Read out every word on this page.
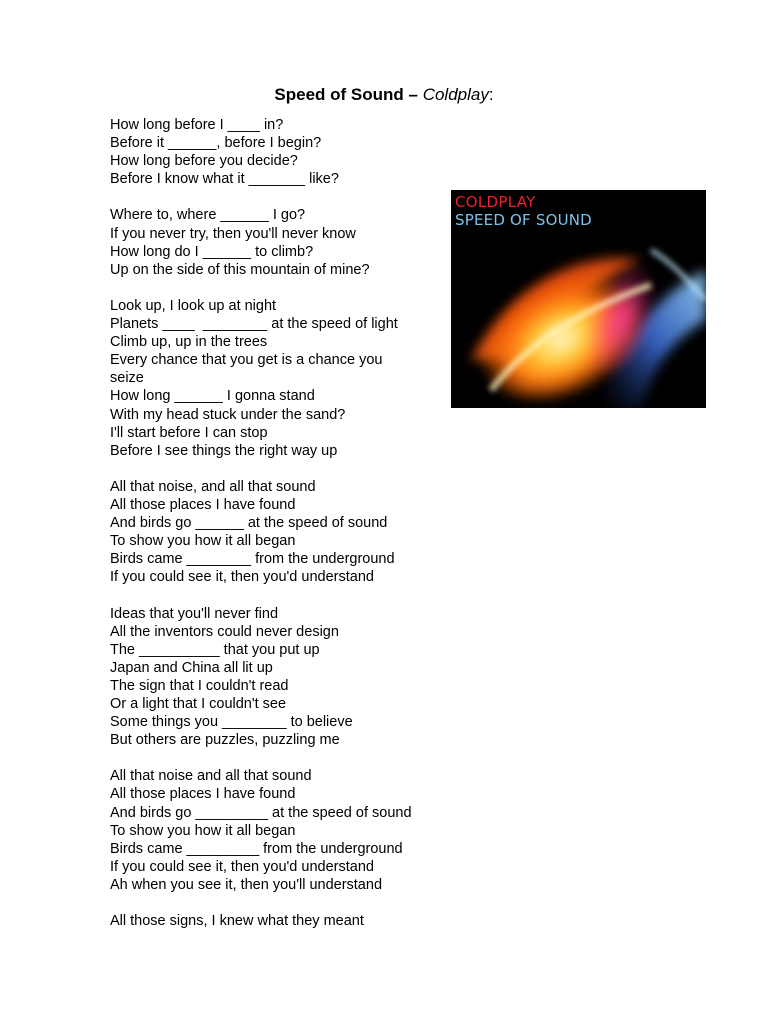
Speed of Sound – Coldplay:
How long before I ____ in?
Before it ______, before I begin?
How long before you decide?
Before I know what it _______ like?
Where to, where ______ I go?
If you never try, then you'll never know
How long do I ______ to climb?
Up on the side of this mountain of mine?
Look up, I look up at night
Planets ____  ________ at the speed of light
Climb up, up in the trees
Every chance that you get is a chance you
seize
How long ______ I gonna stand
With my head stuck under the sand?
I'll start before I can stop
Before I see things the right way up
All that noise, and all that sound
All those places I have found
And birds go ______ at the speed of sound
To show you how it all began
Birds came ________ from the underground
If you could see it, then you'd understand
Ideas that you'll never find
All the inventors could never design
The __________ that you put up
Japan and China all lit up
The sign that I couldn't read
Or a light that I couldn't see
Some things you ________ to believe
But others are puzzles, puzzling me
All that noise and all that sound
All those places I have found
And birds go _________ at the speed of sound
To show you how it all began
Birds came _________ from the underground
If you could see it, then you'd understand
Ah when you see it, then you'll understand
All those signs, I knew what they meant
COLDPLAY
SPEED OF SOUND
